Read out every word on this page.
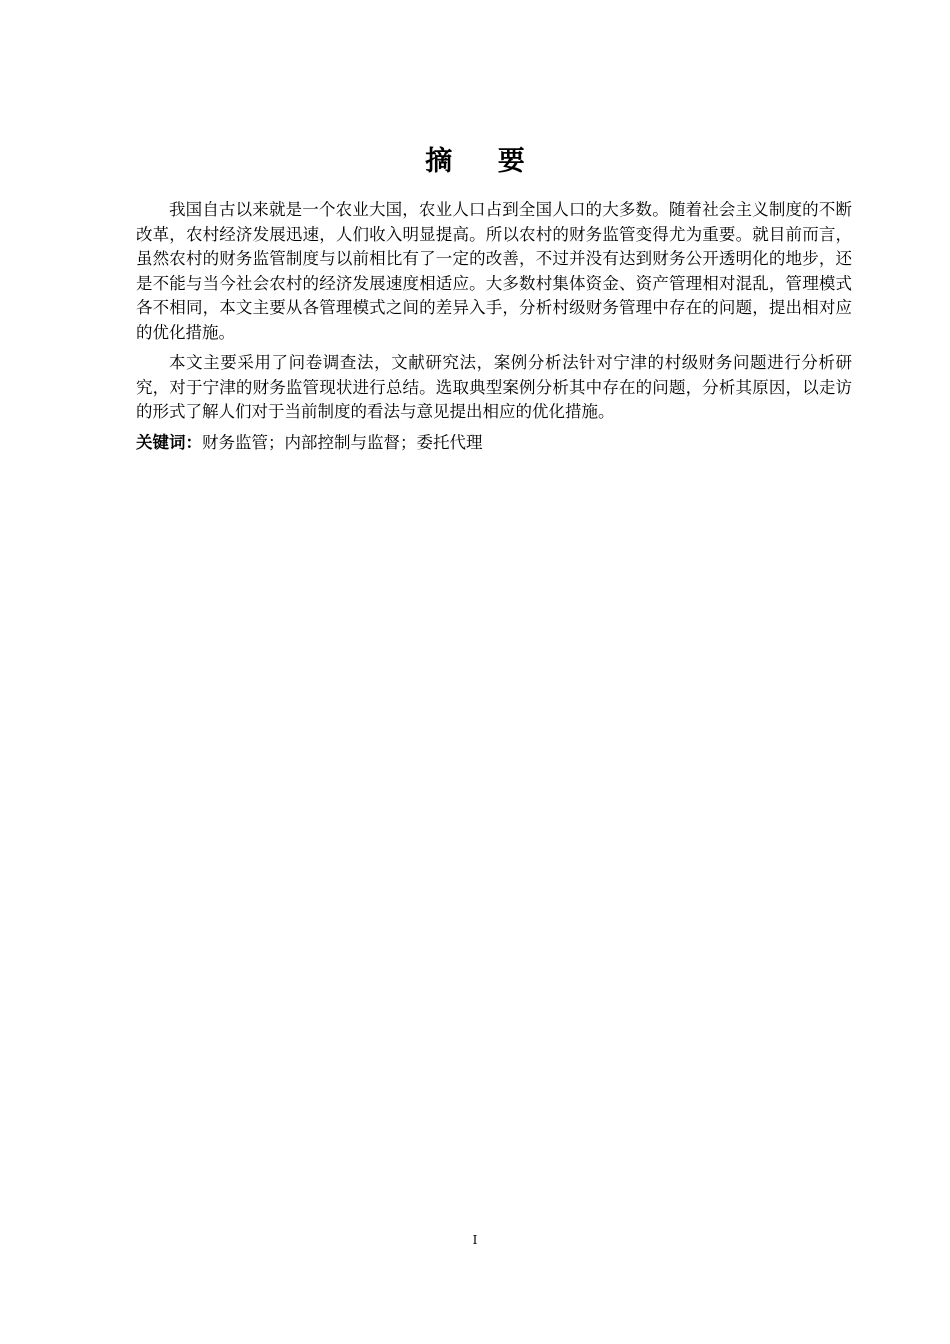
摘 要

我国自古以来就是一个农业大国，农业人口占到全国人口的大多数。随着社会主义制度的不断改革，农村经济发展迅速，人们收入明显提高。所以农村的财务监管变得尤为重要。就目前而言，虽然农村的财务监管制度与以前相比有了一定的改善，不过并没有达到财务公开透明化的地步，还是不能与当今社会农村的经济发展速度相适应。大多数村集体资金、资产管理相对混乱，管理模式各不相同，本文主要从各管理模式之间的差异入手，分析村级财务管理中存在的问题，提出相对应的优化措施。

本文主要采用了问卷调查法，文献研究法，案例分析法针对宁津的村级财务问题进行分析研究，对于宁津的财务监管现状进行总结。选取典型案例分析其中存在的问题，分析其原因，以走访的形式了解人们对于当前制度的看法与意见提出相应的优化措施。

关键词：财务监管；内部控制与监督；委托代理

I
